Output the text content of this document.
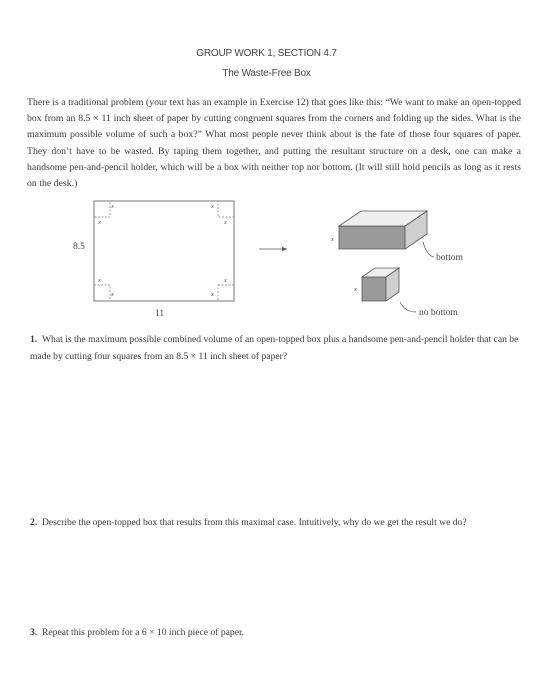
GROUP WORK 1, SECTION 4.7
The Waste-Free Box
There is a traditional problem (your text has an example in Exercise 12) that goes like this: “We want to make an open-topped box from an 8.5 × 11 inch sheet of paper by cutting congruent squares from the corners and folding up the sides. What is the maximum possible volume of such a box?” What most people never think about is the fate of those four squares of paper. They don’t have to be wasted. By taping them together, and putting the resultant structure on a desk, one can make a handsome pen-and-pencil holder, which will be a box with neither top nor bottom. (It will still hold pencils as long as it rests on the desk.)
x
x
x
x
x
x
x
x
8.5
11
x
bottom
x
no bottom
1. What is the maximum possible combined volume of an open-topped box plus a handsome pen-and-pencil holder that can be made by cutting four squares from an 8.5 × 11 inch sheet of paper?
2. Describe the open-topped box that results from this maximal case. Intuitively, why do we get the result we do?
3. Repeat this problem for a 6 × 10 inch piece of paper.
